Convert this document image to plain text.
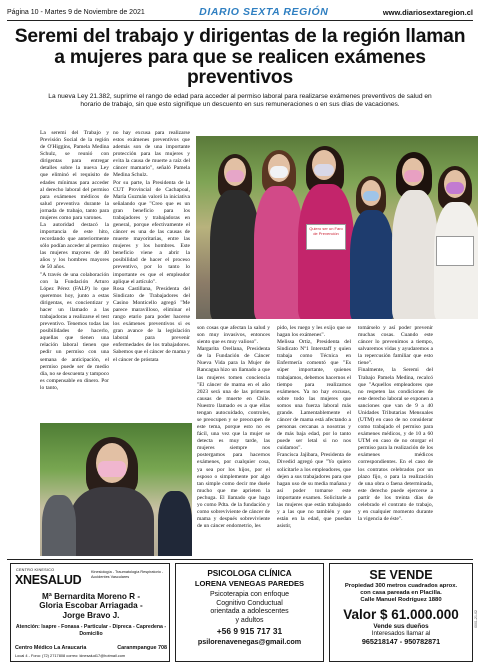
Página 10 - Martes 9 de Noviembre de 2021	DIARIO SEXTA REGIÓN	www.diariosextaregion.cl
Seremi del trabajo y dirigentas de la región llaman a mujeres para que se realicen exámenes preventivos

La nueva Ley 21.382, suprime el rango de edad para acceder al permiso laboral para realizarse exámenes preventivos de salud en horario de trabajo, sin que esto signifique un descuento en sus remuneraciones o en sus días de vacaciones.

La seremi del Trabajo y Previsión Social de la región de O'Higgins, Pamela Medina Schulz, se reunió con dirigentas para entregar detalles sobre la nueva Ley que eliminó el requisito de edades mínimas para acceder al derecho laboral del permiso para exámenes médicos de salud preventiva durante la jornada de trabajo, tanto para mujeres como para varones.
La autoridad destacó la importancia de este hito, recordando que anteriormente sólo podían acceder al permiso las mujeres mayores de 40 años y los hombres mayores de 50 años.
"A través de una colaboración con la Fundación Arturo López Pérez (FALP) lo que queremos hoy, junto a estas dirigentas, es concientizar y hacer un llamado a las trabajadoras a realizarse el test preventivo. Tenemos todas las posibilidades de hacerlo, aquellas que tienen una relación laboral tienen que pedir un permiso con una semana de anticipación, el permiso puede ser de medio día, no se descuenta y tampoco es compensable en dinero. Por lo tanto,
no hay excusa para realizarse estos exámenes preventivos que además son de una importante protección para las mujeres y evita la causa de muerte a raíz del cáncer mamario", señaló Pamela Medina Schulz.
Por su parte, la Presidenta de la CUT Provincial de Cachapoal, María Guzmán valoró la iniciativa señalando que "Creo que es un gran beneficio para los trabajadores y trabajadoras en general, porque efectivamente el cáncer es una de las causas de muerte mayoritarias, entre las mujeres y los hombres. Este beneficio viene a abrir la posibilidad de hacer el proceso preventivo, por lo tanto lo importante es que el empleador aplique el artículo".
Rosa Castillana, Presidenta del Sindicato de Trabajadores del Casino Monticello agregó "Me parece maravilloso, eliminar el rango etario para poder hacerse los exámenes preventivos si es gran avance de la legislación laboral para prevenir enfermedades de los trabajadores. Sabemos que el cáncer de mama y el cáncer de próstata
Quiero ser un Faro de Prevención
son cosas que afectan la salud y son muy invasivos, entonces siento que es muy valioso".
Margarita Orellana, Presidenta de la Fundación de Cáncer Nueva Vida para la Mujer de Rancagua hizo un llamado a que las mujeres tomen conciencia "El cáncer de mama en el año 2023 será una de las primeras causas de muerte en Chile. Nuestro llamado es a que ellas tengan autocuidado, controles, se preocupen y se preocupen de este tema, porque esto no es fácil, una vez que la mujer se detecta es muy tarde, las mujeres siempre nos postergamos para hacernos exámenes, por cualquier cosa, ya sea por los hijos, por el esposo o simplemente por algo tan simple como decir me duele mucho que me aprieten la pechuga. El llamado que hago yo como Pdta. de la fundación y como sobreviviente de cáncer de mama y después sobreviviente de un cáncer endometrio, les
pido, les ruego y les exijo que se hagan los exámenes".
Melissa Ortiz, Presidenta del Sindicato Nº1 Interstaff y quien trabaja como Técnica en Enfermería comentó que "Es súper importante, quienes trabajamos, debemos hacernos el tiempo para realizarnos exámenes. Ya no hay excusas, sobre todo las mujeres que somos una fuerza laboral más grande. Lamentablemente el cáncer de mama está afectando a personas cercanas a nosotras y de más baja edad, por lo tanto puede ser letal si no nos cuidamos".
Francisca Jajibara, Presidenta de Divedid agregó que "Yo quiero solicitarle a los empleadores, que dejen a sus trabajadores para que hagan uso de su media mañana y así poder tomarse este importante examen. Solicitarle a las mujeres que están trabajando y a las que no también y que están en la edad, que puedan asistir,
tomárselo y así poder prevenir muchas cosas. Cuando este cáncer lo prevenimos a tiempo, salvaremos vidas y ayudaremos a la repercusión familiar que esto tiene".
Finalmente, la Seremi del Trabajo Pamela Medina, recalcó que "Aquellos empleadores que no respeten las condiciones de este derecho laboral se exponen a sanciones que van de 9 a 40 Unidades Tributarias Mensuales (UTM) en caso de no considerar como trabajado el permiso para exámenes médicos, y de 10 a 60 UTM en caso de no otorgar el permiso para la realización de los exámenes médicos correspondientes. En el caso de los contratos celebrados por un plazo fijo, o para la realización de una obra o faena determinada, este derecho puede ejercerse a partir de los treinta días de celebrado el contrato de trabajo, y en cualquier momento durante la vigencia de éste".
CENTRO KINESICO
XNESALUD
Kinesiología - Traumatología Respiratorio - Accidentes Vasculares
Mª Bernardita Moreno R -
Gloria Escobar Arriagada -
Jorge Bravo J.
Atención: Isapre - Fonasa - Particular - Dipreca - Capredena - Domicilio
Centro Médico La Araucaria	Caranmpangue 708
Local 4 - Fono: (72) 2717808 correo: kinesalud17@hotmail.com
PSICOLOGA CLÍNICA
LORENA VENEGAS PAREDES
Psicoterapia con enfoque
Cognitivo Conductual
orientada a adolescentes
y adultos
+56 9 915 717 31
psilorenavenegas@gmail.com
SE VENDE
Propiedad 300 metros cuadrados aprox.
con casa pareada en Placilla.
Calle Manuel Rodríguez 1880
Valor $ 61.000.000
Vende sus dueños
Interesados llamar al
965218147 - 950782871
0001-21-02
